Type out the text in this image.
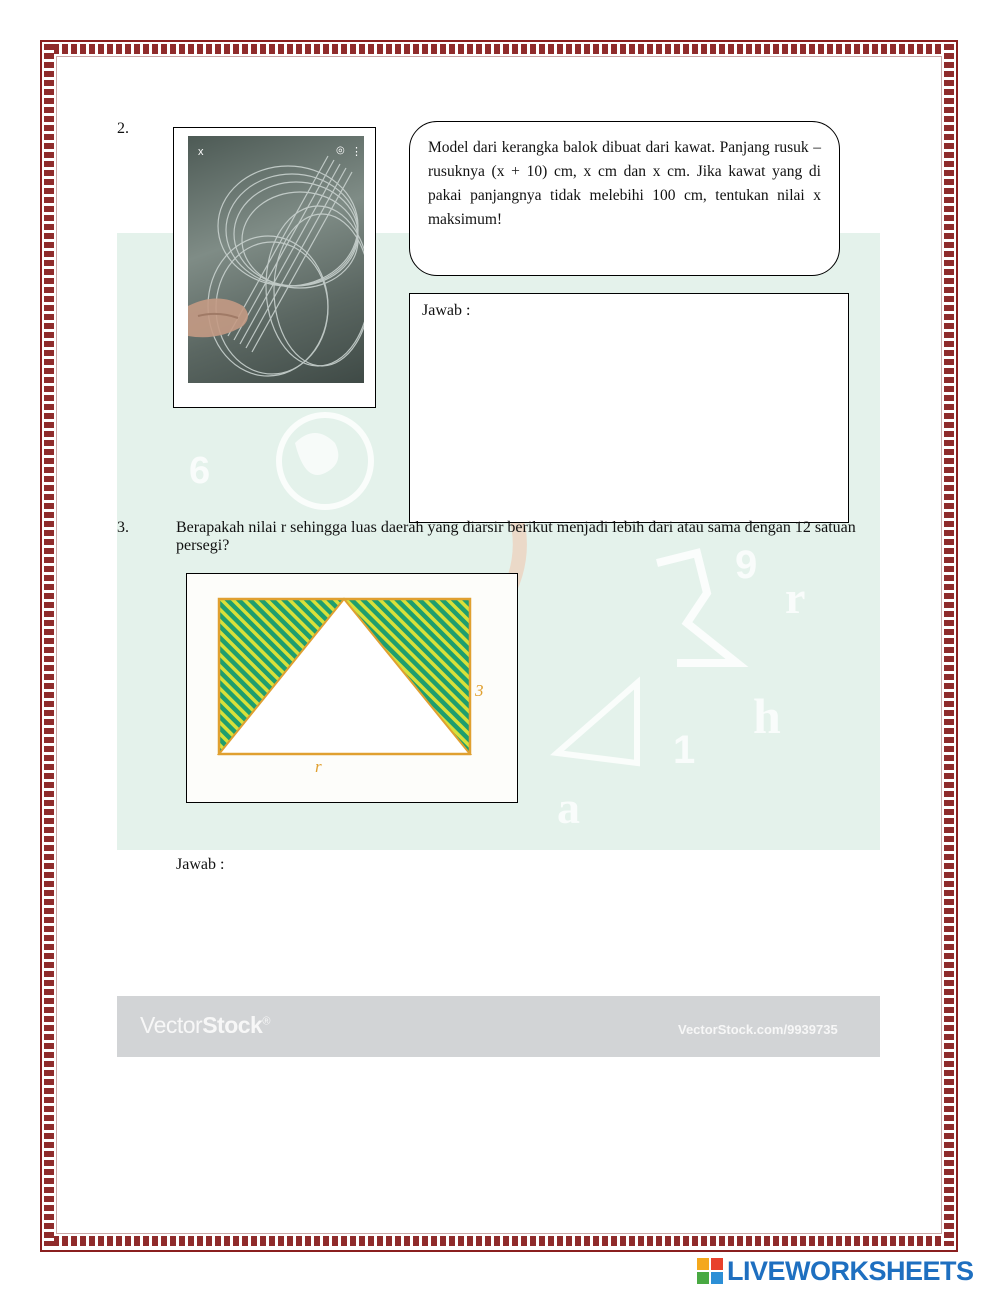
6
9
r
h
1
a
VectorStock®
VectorStock.com/9939735
2.
x	◎ ⋮	Model dari kerangka balok dibuat dari kawat. Panjang rusuk – rusuknya (x + 10) cm, x cm dan x cm. Jika kawat yang di pakai panjangnya tidak melebihi 100 cm, tentukan nilai x maksimum!

Jawab :
3.	Berapakah nilai r sehingga luas daerah yang diarsir berikut menjadi lebih dari atau sama dengan 12 satuan persegi?
3
r
Jawab :
LIVEWORKSHEETS
